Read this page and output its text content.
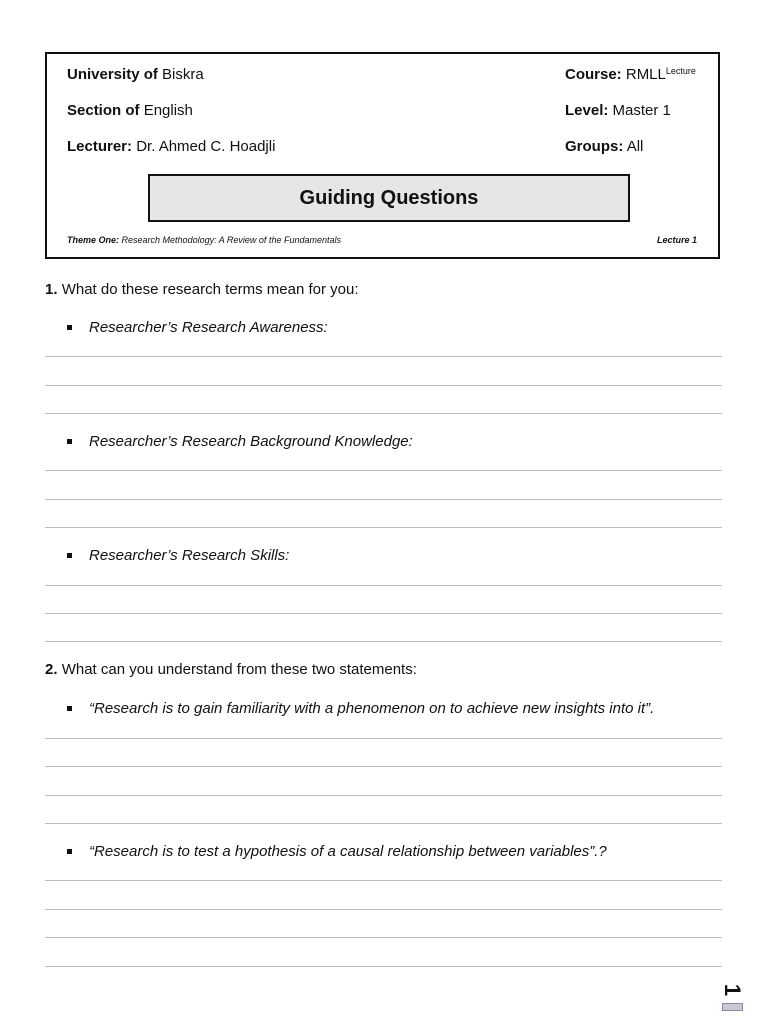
University of Biskra
Section of English
Lecturer: Dr. Ahmed C. Hoadjli
Course: $RMLL^{Lecture}$
Level: Master 1
Groups: All
Guiding Questions
Theme One: Research Methodology: A Review of the Fundamentals	Lecture 1
1. What do these research terms mean for you:
Researcher’s Research Awareness:
Researcher’s Research Background Knowledge:
Researcher’s Research Skills:
2. What can you understand from these two statements:
“Research is to gain familiarity with a phenomenon on to achieve new insights into it”.
“Research is to test a hypothesis of a causal relationship between variables”.?
1
